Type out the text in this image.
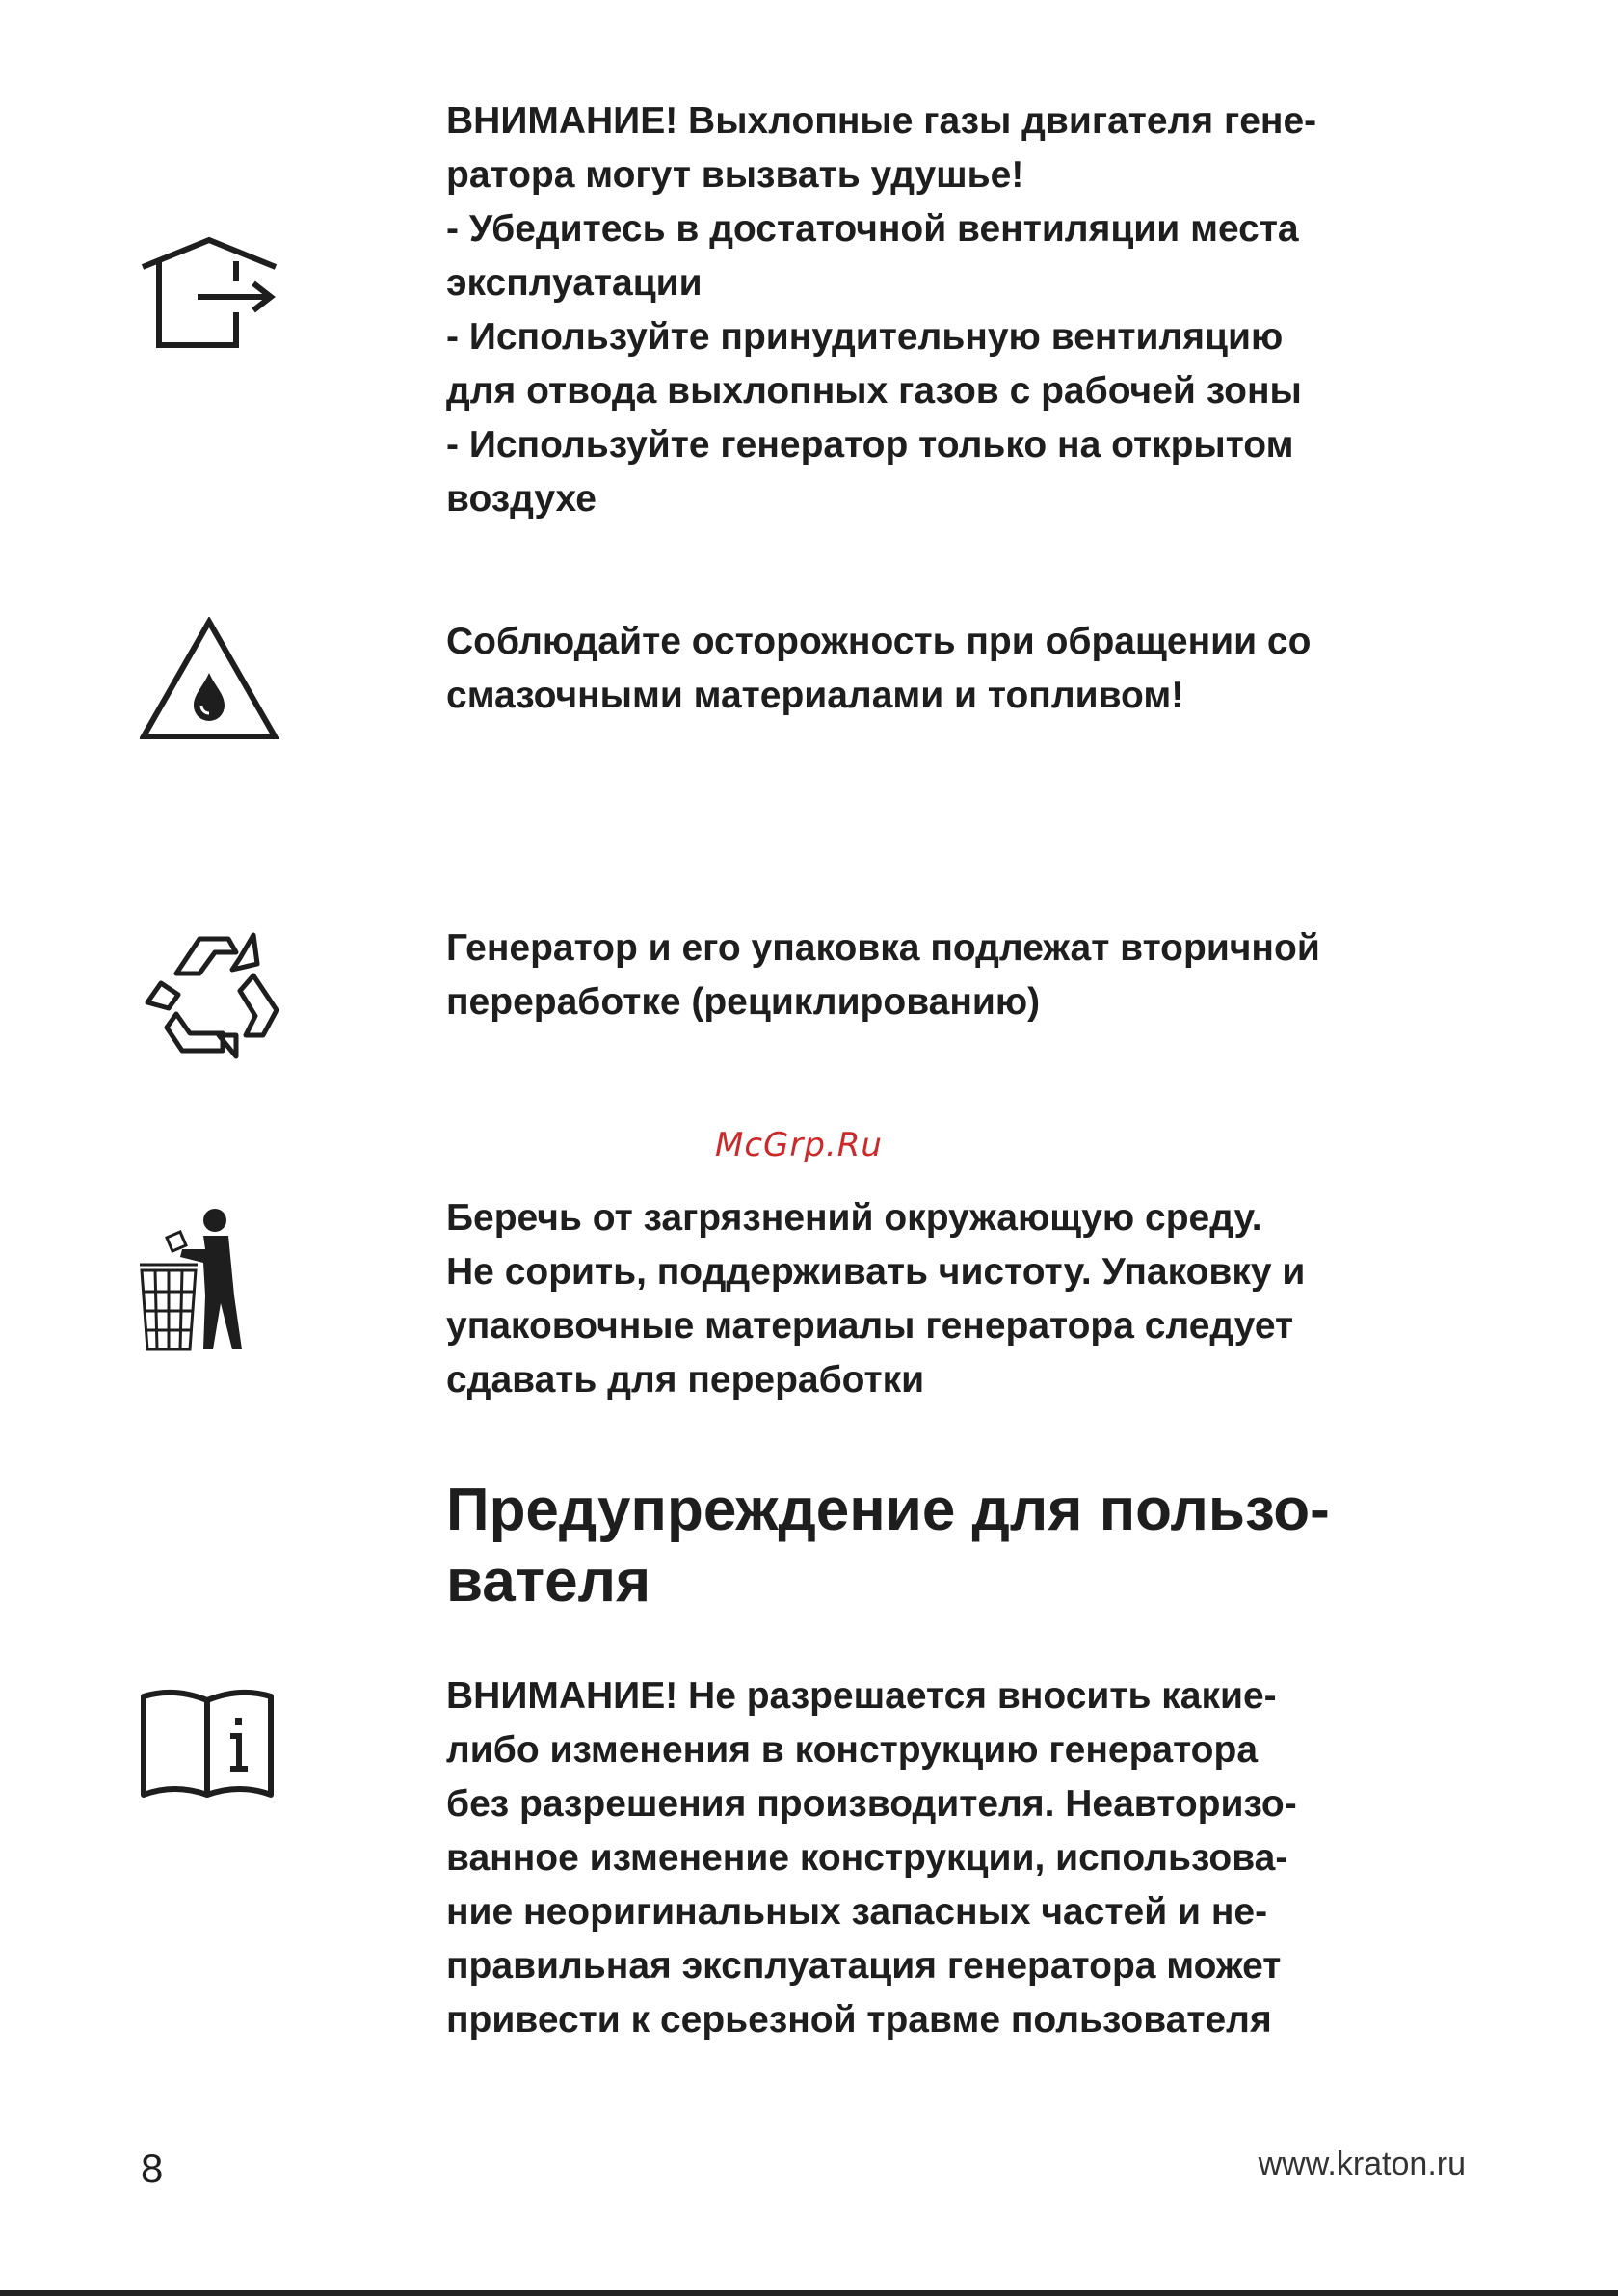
ВНИМАНИЕ! Выхлопные газы двигателя гене-
ратора могут вызвать удушье!
- Убедитесь в достаточной вентиляции места
эксплуатации
- Используйте принудительную вентиляцию
для отвода выхлопных газов с рабочей зоны
- Используйте генератор только на открытом
воздухе
Соблюдайте осторожность при обращении со
смазочными материалами и топливом!
Генератор и его упаковка подлежат вторичной
переработке (рециклированию)
McGrp.Ru
Беречь от загрязнений окружающую среду.
Не сорить, поддерживать чистоту. Упаковку и
упаковочные материалы генератора следует
сдавать для переработки
Предупреждение для пользо-
вателя
ВНИМАНИЕ! Не разрешается вносить какие-
либо изменения в конструкцию генератора
без разрешения производителя. Неавторизо-
ванное изменение конструкции, использова-
ние неоригинальных запасных частей и не-
правильная эксплуатация генератора может
привести к серьезной травме пользователя
8	www.kraton.ru
